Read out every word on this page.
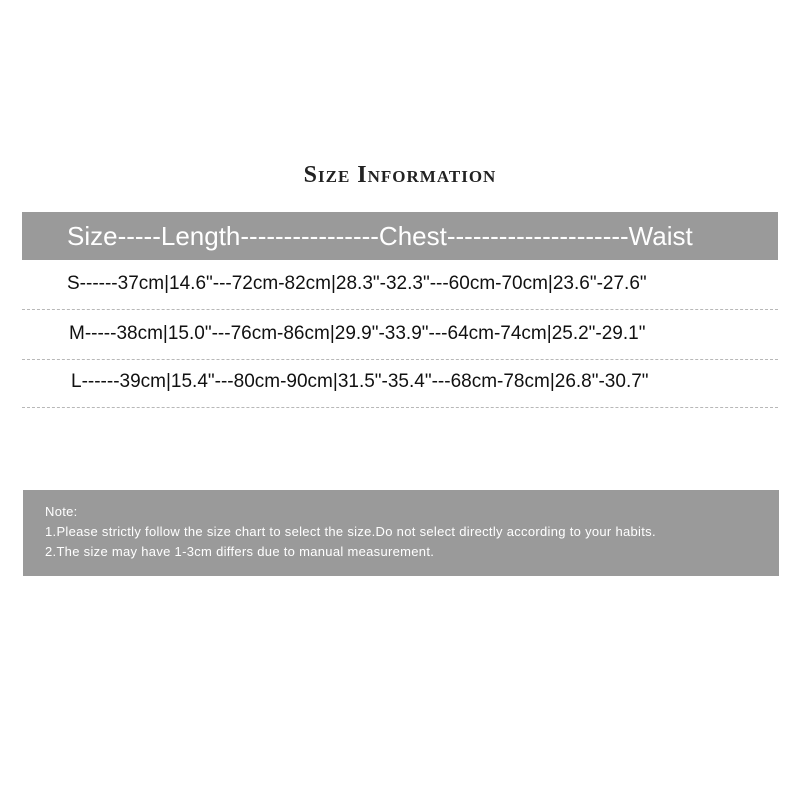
Size Information
Size-----Length----------------Chest---------------------Waist
S------37cm|14.6"---72cm-82cm|28.3"-32.3"---60cm-70cm|23.6"-27.6"
M-----38cm|15.0"---76cm-86cm|29.9"-33.9"---64cm-74cm|25.2"-29.1"
L------39cm|15.4"---80cm-90cm|31.5"-35.4"---68cm-78cm|26.8"-30.7"
Note:
1.Please strictly follow the size chart to select the size.Do not select directly according to your habits.
2.The size may have 1-3cm differs due to manual measurement.
